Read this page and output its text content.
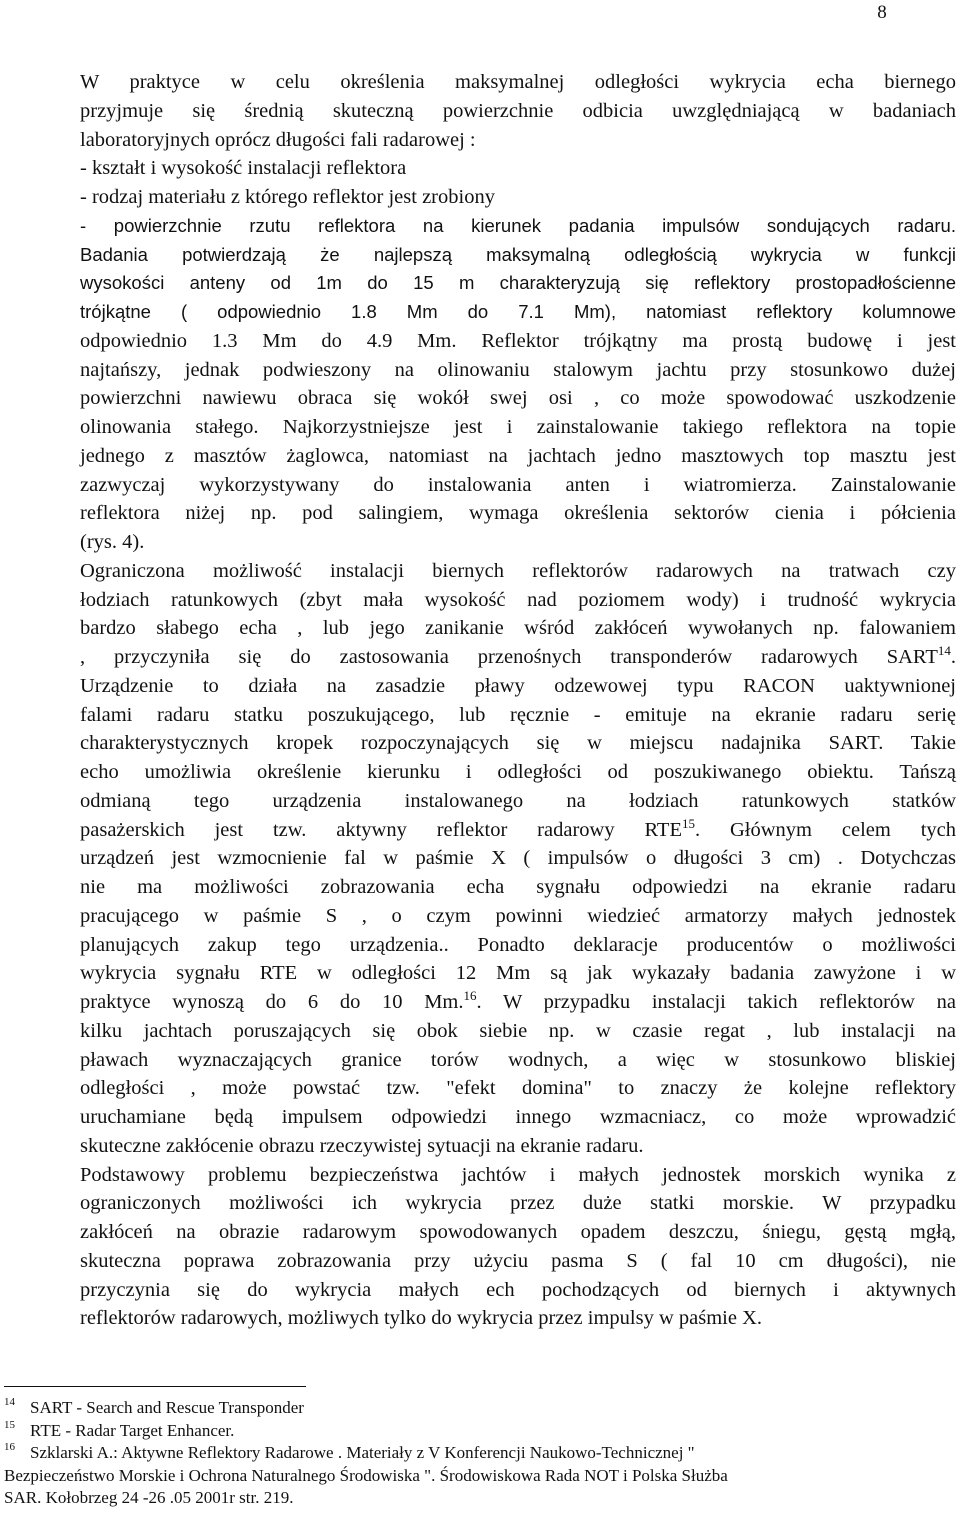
8
W praktyce w celu określenia maksymalnej odległości wykrycia echa biernego
przyjmuje się średnią skuteczną powierzchnie odbicia uwzględniającą w badaniach
laboratoryjnych oprócz długości fali radarowej :
- kształt i wysokość instalacji reflektora
- rodzaj materiału z którego reflektor jest zrobiony
- powierzchnie rzutu reflektora na kierunek padania impulsów sondujących radaru.
Badania potwierdzają że najlepszą maksymalną odległością wykrycia w funkcji
wysokości anteny od 1m do 15 m charakteryzują się reflektory prostopadłościenne
trójkątne ( odpowiednio 1.8 Mm do 7.1 Mm), natomiast reflektory kolumnowe
odpowiednio 1.3 Mm do 4.9 Mm. Reflektor trójkątny ma prostą budowę i jest
najtańszy, jednak podwieszony na olinowaniu stalowym jachtu przy stosunkowo dużej
powierzchni nawiewu obraca się wokół swej osi , co może spowodować uszkodzenie
olinowania stałego. Najkorzystniejsze jest i zainstalowanie takiego reflektora na topie
jednego z masztów żaglowca, natomiast na jachtach jedno masztowych top masztu jest
zazwyczaj wykorzystywany do instalowania anten i wiatromierza. Zainstalowanie
reflektora niżej np. pod salingiem, wymaga określenia sektorów cienia i półcienia
(rys. 4).
Ograniczona możliwość instalacji biernych reflektorów radarowych na tratwach czy
łodziach ratunkowych (zbyt mała wysokość nad poziomem wody) i trudność wykrycia
bardzo słabego echa , lub jego zanikanie wśród zakłóceń wywołanych np. falowaniem
, przyczyniła się do zastosowania przenośnych transponderów radarowych SART$^{14}$.
Urządzenie to działa na zasadzie pławy odzewowej typu RACON uaktywnionej
falami radaru statku poszukującego, lub ręcznie - emituje na ekranie radaru serię
charakterystycznych kropek rozpoczynających się w miejscu nadajnika SART. Takie
echo umożliwia określenie kierunku i odległości od poszukiwanego obiektu. Tańszą
odmianą tego urządzenia instalowanego na łodziach ratunkowych statków
pasażerskich jest tzw. aktywny reflektor radarowy RTE$^{15}$. Głównym celem tych
urządzeń jest wzmocnienie fal w paśmie X ( impulsów o długości 3 cm) . Dotychczas
nie ma możliwości zobrazowania echa sygnału odpowiedzi na ekranie radaru
pracującego w paśmie S , o czym powinni wiedzieć armatorzy małych jednostek
planujących zakup tego urządzenia.. Ponadto deklaracje producentów o możliwości
wykrycia sygnału RTE w odległości 12 Mm są jak wykazały badania zawyżone i w
praktyce wynoszą do 6 do 10 Mm.$^{16}$. W przypadku instalacji takich reflektorów na
kilku jachtach poruszających się obok siebie np. w czasie regat , lub instalacji na
pławach wyznaczających granice torów wodnych, a więc w stosunkowo bliskiej
odległości , może powstać tzw. "efekt domina" to znaczy że kolejne reflektory
uruchamiane będą impulsem odpowiedzi innego wzmacniacz, co może wprowadzić
skuteczne zakłócenie obrazu rzeczywistej sytuacji na ekranie radaru.
Podstawowy problemu bezpieczeństwa jachtów i małych jednostek morskich wynika z
ograniczonych możliwości ich wykrycia przez duże statki morskie. W przypadku
zakłóceń na obrazie radarowym spowodowanych opadem deszczu, śniegu, gęstą mgłą,
skuteczna poprawa zobrazowania przy użyciu pasma S ( fal 10 cm długości), nie
przyczynia się do wykrycia małych ech pochodzących od biernych i aktywnych
reflektorów radarowych, możliwych tylko do wykrycia przez impulsy w paśmie X.
14 SART - Search and Rescue Transponder
15 RTE - Radar Target Enhancer.
16 Szklarski A.: Aktywne Reflektory Radarowe . Materiały z V Konferencji Naukowo-Technicznej "
Bezpieczeństwo Morskie i Ochrona Naturalnego Środowiska ". Środowiskowa Rada NOT i Polska Służba
SAR. Kołobrzeg 24 -26 .05 2001r str. 219.
